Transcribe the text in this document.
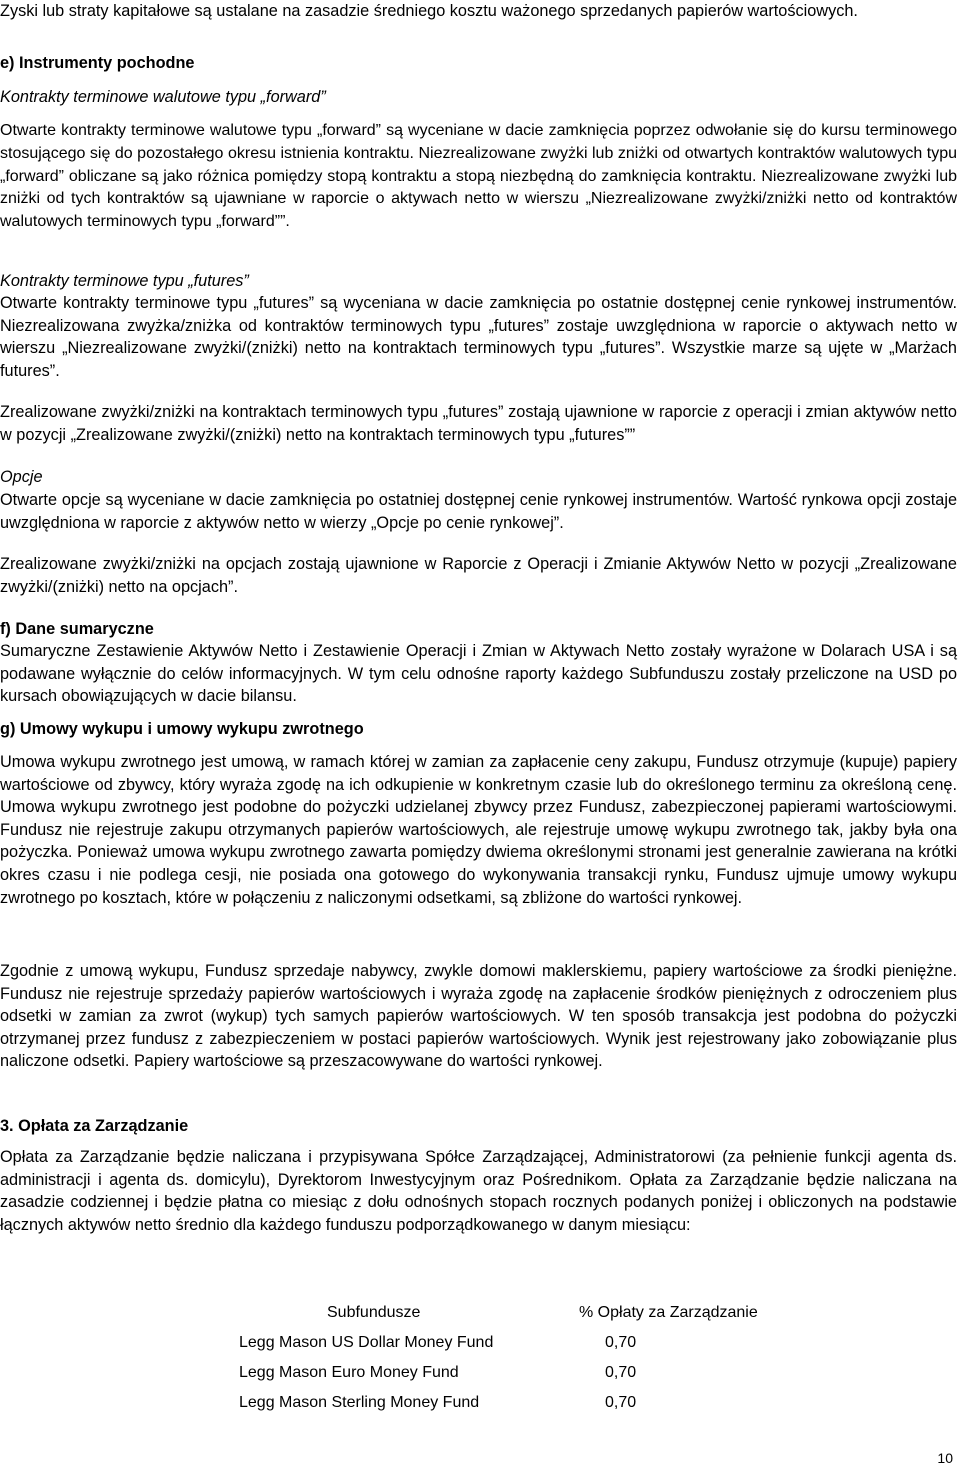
Zyski lub straty kapitałowe są ustalane na zasadzie średniego kosztu ważonego sprzedanych papierów wartościowych.

e) Instrumenty pochodne

Kontrakty terminowe walutowe typu „forward”

Otwarte kontrakty terminowe walutowe typu „forward” są wyceniane w dacie zamknięcia poprzez odwołanie się do kursu terminowego stosującego się do pozostałego okresu istnienia kontraktu. Niezrealizowane zwyżki lub zniżki od otwartych kontraktów walutowych typu „forward” obliczane są jako różnica pomiędzy stopą kontraktu a stopą niezbędną do zamknięcia kontraktu. Niezrealizowane zwyżki lub zniżki od tych kontraktów są ujawniane w raporcie o aktywach netto w wierszu „Niezrealizowane zwyżki/zniżki netto od kontraktów walutowych terminowych typu „forward””.

Kontrakty terminowe typu „futures”

Otwarte kontrakty terminowe typu „futures” są wyceniana w dacie zamknięcia po ostatnie dostępnej cenie rynkowej instrumentów. Niezrealizowana zwyżka/zniżka od kontraktów terminowych typu „futures” zostaje uwzględniona w raporcie o aktywach netto w wierszu „Niezrealizowane zwyżki/(zniżki) netto na kontraktach terminowych typu „futures”. Wszystkie marze są ujęte w „Marżach futures”.

Zrealizowane zwyżki/zniżki na kontraktach terminowych typu „futures” zostają ujawnione w raporcie z operacji i zmian aktywów netto w pozycji „Zrealizowane zwyżki/(zniżki) netto na kontraktach terminowych typu „futures””

Opcje

Otwarte opcje są wyceniane w dacie zamknięcia po ostatniej dostępnej cenie rynkowej instrumentów. Wartość rynkowa opcji zostaje uwzględniona w raporcie z aktywów netto w wierzy „Opcje po cenie rynkowej”.

Zrealizowane zwyżki/zniżki na opcjach zostają ujawnione w Raporcie z Operacji i Zmianie Aktywów Netto w pozycji „Zrealizowane zwyżki/(zniżki) netto na opcjach”.

f) Dane sumaryczne

Sumaryczne Zestawienie Aktywów Netto i Zestawienie Operacji i Zmian w Aktywach Netto zostały wyrażone w Dolarach USA i są podawane wyłącznie do celów informacyjnych. W tym celu odnośne raporty każdego Subfunduszu zostały przeliczone na USD po kursach obowiązujących w dacie bilansu.

g) Umowy wykupu i umowy wykupu zwrotnego

Umowa wykupu zwrotnego jest umową, w ramach której w zamian za zapłacenie ceny zakupu, Fundusz otrzymuje (kupuje) papiery wartościowe od zbywcy, który wyraża zgodę na ich odkupienie w konkretnym czasie lub do określonego terminu za określoną cenę. Umowa wykupu zwrotnego jest podobne do pożyczki udzielanej zbywcy przez Fundusz, zabezpieczonej papierami wartościowymi. Fundusz nie rejestruje zakupu otrzymanych papierów wartościowych, ale rejestruje umowę wykupu zwrotnego tak, jakby była ona pożyczka. Ponieważ umowa wykupu zwrotnego zawarta pomiędzy dwiema określonymi stronami jest generalnie zawierana na krótki okres czasu i nie podlega cesji, nie posiada ona gotowego do wykonywania transakcji rynku, Fundusz ujmuje umowy wykupu zwrotnego po kosztach, które w połączeniu z naliczonymi odsetkami, są zbliżone do wartości rynkowej.

Zgodnie z umową wykupu, Fundusz sprzedaje nabywcy, zwykle domowi maklerskiemu, papiery wartościowe za środki pieniężne. Fundusz nie rejestruje sprzedaży papierów wartościowych i wyraża zgodę na zapłacenie środków pieniężnych z odroczeniem plus odsetki w zamian za zwrot (wykup) tych samych papierów wartościowych. W ten sposób transakcja jest podobna do pożyczki otrzymanej przez fundusz z zabezpieczeniem w postaci papierów wartościowych. Wynik jest rejestrowany jako zobowiązanie plus naliczone odsetki. Papiery wartościowe są przeszacowywane do wartości rynkowej.

3. Opłata za Zarządzanie

Opłata za Zarządzanie będzie naliczana i przypisywana Spółce Zarządzającej, Administratorowi (za pełnienie funkcji agenta ds. administracji i agenta ds. domicylu), Dyrektorom Inwestycyjnym oraz Pośrednikom. Opłata za Zarządzanie będzie naliczana na zasadzie codziennej i będzie płatna co miesiąc z dołu odnośnych stopach rocznych podanych poniżej i obliczonych na podstawie łącznych aktywów netto średnio dla każdego funduszu podporządkowanego w danym miesiącu:

Subfundusze	% Opłaty za Zarządzanie
Legg Mason US Dollar Money Fund	0,70
Legg Mason Euro Money Fund	0,70
Legg Mason Sterling Money Fund	0,70
10
